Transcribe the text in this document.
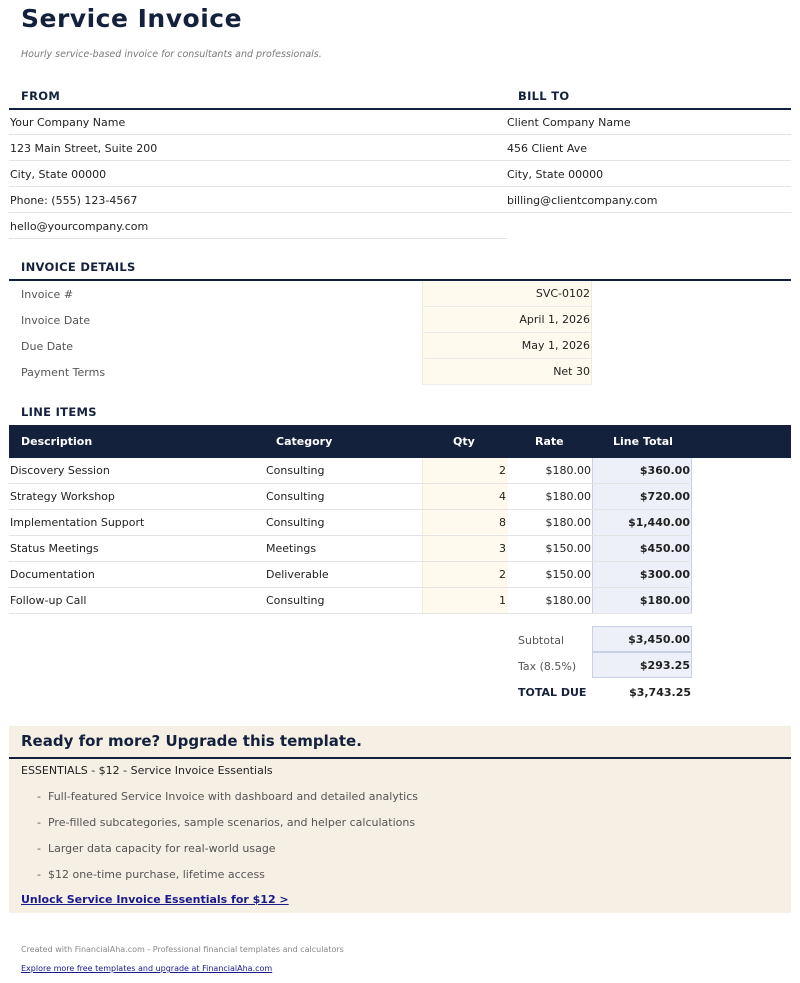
Service Invoice
Hourly service-based invoice for consultants and professionals.
FROM	BILL TO
Your Company Name
123 Main Street, Suite 200
City, State 00000
Phone: (555) 123-4567
hello@yourcompany.com
Client Company Name
456 Client Ave
City, State 00000
billing@clientcompany.com
INVOICE DETAILS
Invoice #	SVC-0102
Invoice Date	April 1, 2026
Due Date	May 1, 2026
Payment Terms	Net 30
LINE ITEMS
Description	Category	Qty	Rate	Line Total
Discovery Session	Consulting	2	$180.00	$360.00
Strategy Workshop	Consulting	4	$180.00	$720.00
Implementation Support	Consulting	8	$180.00	$1,440.00
Status Meetings	Meetings	3	$150.00	$450.00
Documentation	Deliverable	2	$150.00	$300.00
Follow-up Call	Consulting	1	$180.00	$180.00
Subtotal	$3,450.00
Tax (8.5%)	$293.25
TOTAL DUE	$3,743.25
Ready for more? Upgrade this template.
ESSENTIALS - $12 - Service Invoice Essentials
- Full-featured Service Invoice with dashboard and detailed analytics
- Pre-filled subcategories, sample scenarios, and helper calculations
- Larger data capacity for real-world usage
- $12 one-time purchase, lifetime access
Unlock Service Invoice Essentials for $12 >
Created with FinancialAha.com - Professional financial templates and calculators
Explore more free templates and upgrade at FinancialAha.com
